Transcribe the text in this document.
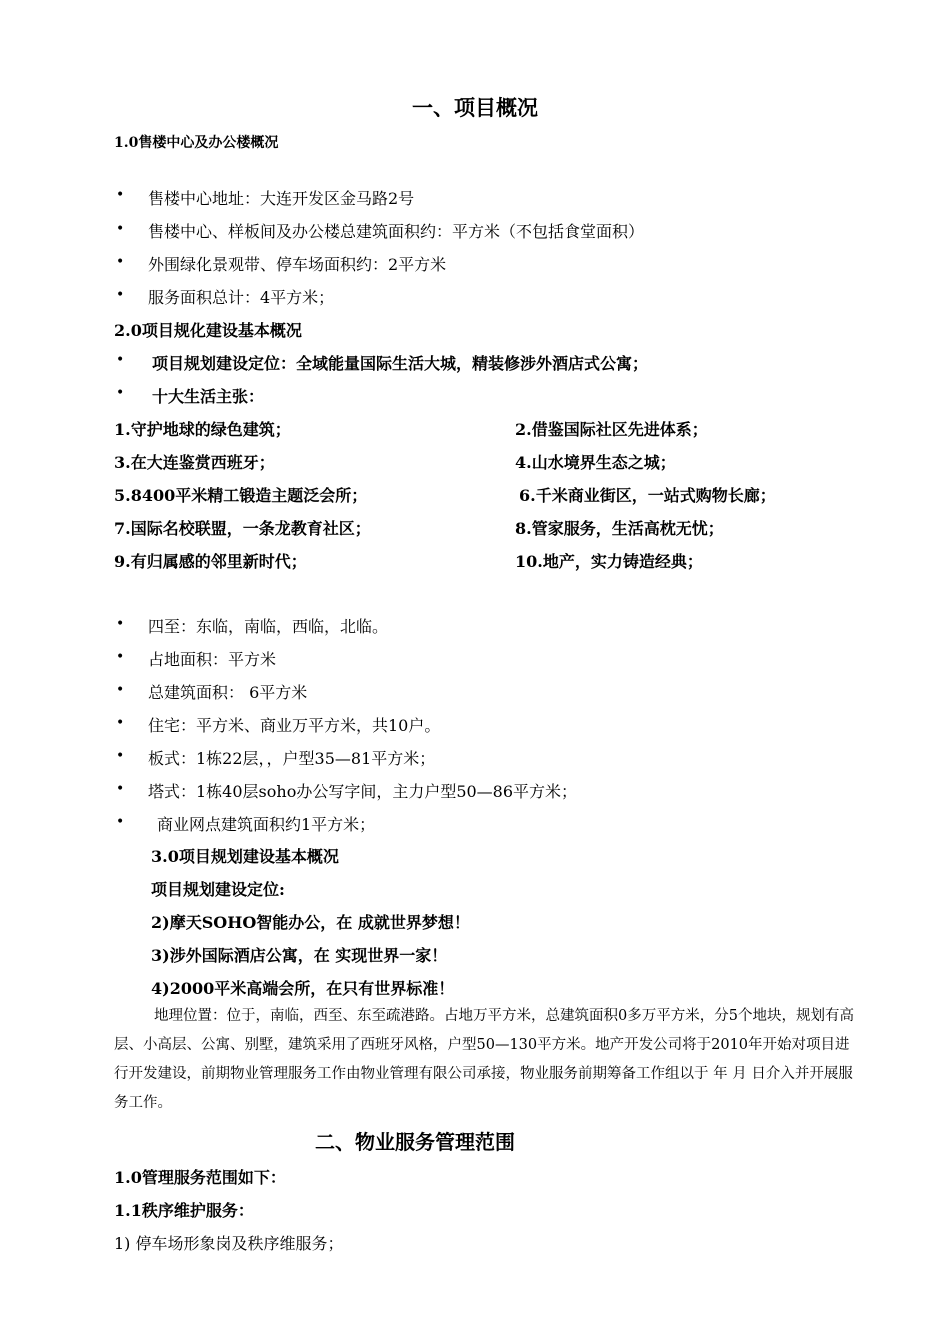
一、项目概况
1.0售楼中心及办公楼概况
• 售楼中心地址：大连开发区金马路2号
• 售楼中心、样板间及办公楼总建筑面积约：平方米（不包括食堂面积）
• 外围绿化景观带、停车场面积约：2平方米
• 服务面积总计：4平方米；
2.0项目规化建设基本概况
• 项目规划建设定位：全域能量国际生活大城，精装修涉外酒店式公寓；
• 十大生活主张：
1.守护地球的绿色建筑；	2.借鉴国际社区先进体系；
3.在大连鉴赏西班牙；	4.山水境界生态之城；
5.8400平米精工锻造主题泛会所；	6.千米商业街区，一站式购物长廊；
7.国际名校联盟，一条龙教育社区；	8.管家服务，生活高枕无忧；
9.有归属感的邻里新时代；	10.地产，实力铸造经典；
• 四至：东临，南临，西临，北临。
• 占地面积：平方米
• 总建筑面积： 6平方米
• 住宅：平方米、商业万平方米，共10户。
• 板式：1栋22层，，户型35—81平方米；
• 塔式：1栋40层soho办公写字间，主力户型50—86平方米；
• 商业网点建筑面积约1平方米；
3.0项目规划建设基本概况
项目规划建设定位:
2)摩天SOHO智能办公，在 成就世界梦想！
3)涉外国际酒店公寓，在 实现世界一家！
4)2000平米高端会所，在只有世界标准！
地理位置：位于，南临，西至、东至疏港路。占地万平方米，总建筑面积0多万平方米，分5个地块，规划有高层、小高层、公寓、别墅，建筑采用了西班牙风格，户型50—130平方米。地产开发公司将于2010年开始对项目进行开发建设，前期物业管理服务工作由物业管理有限公司承接，物业服务前期筹备工作组以于 年 月 日介入并开展服务工作。
二、物业服务管理范围
1.0管理服务范围如下：
1.1秩序维护服务：
1) 停车场形象岗及秩序维服务；
